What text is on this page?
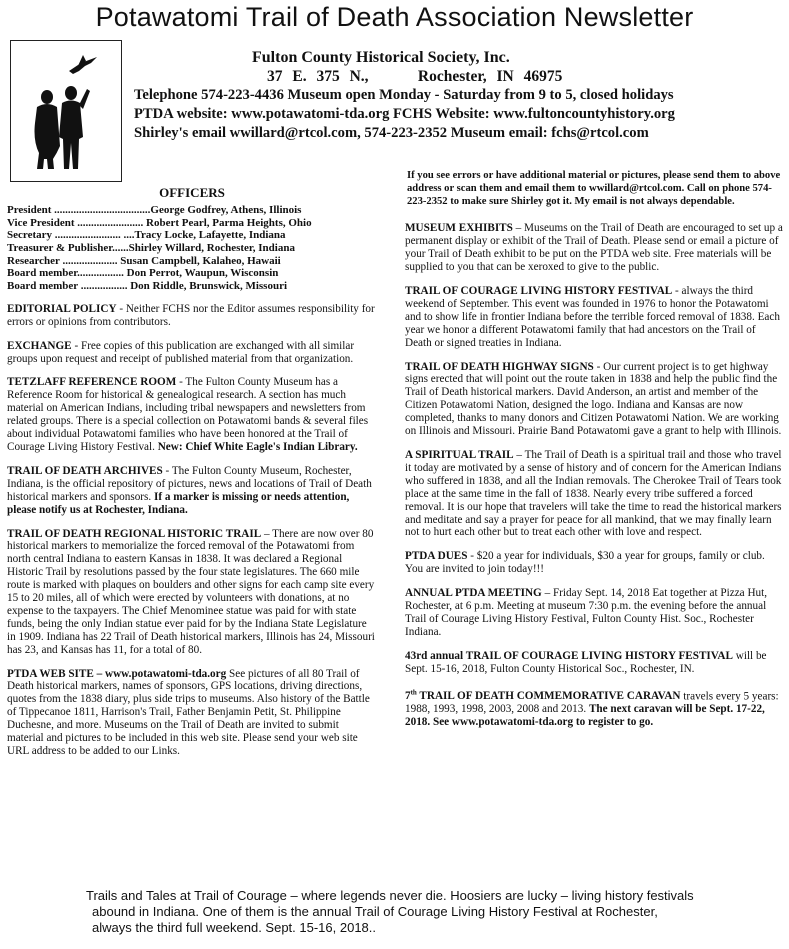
Potawatomi Trail of Death Association Newsletter
Fulton County Historical Society, Inc.
37 E. 375 N.,	Rochester, IN 46975
Telephone 574-223-4436 Museum open Monday - Saturday from 9 to 5, closed holidays
PTDA website: www.potawatomi-tda.org FCHS Website: www.fultoncountyhistory.org
Shirley's email wwillard@rtcol.com, 574-223-2352 Museum email: fchs@rtcol.com
OFFICERS
President ...................................George Godfrey, Athens, Illinois
Vice President ........................ Robert Pearl, Parma Heights, Ohio
Secretary ........................ ....Tracy Locke, Lafayette, Indiana
Treasurer & Publisher......Shirley Willard, Rochester, Indiana
Researcher .................... Susan Campbell, Kalaheo, Hawaii
Board member................. Don Perrot, Waupun, Wisconsin
Board member ................. Don Riddle, Brunswick, Missouri

EDITORIAL POLICY - Neither FCHS nor the Editor assumes responsibility for errors or opinions from contributors.

EXCHANGE - Free copies of this publication are exchanged with all similar groups upon request and receipt of published material from that organization.

TETZLAFF REFERENCE ROOM - The Fulton County Museum has a Reference Room for historical & genealogical research. A section has much material on American Indians, including tribal newspapers and newsletters from related groups. There is a special collection on Potawatomi bands & several files about individual Potawatomi families who have been honored at the Trail of Courage Living History Festival. New: Chief White Eagle's Indian Library.

TRAIL OF DEATH ARCHIVES - The Fulton County Museum, Rochester, Indiana, is the official repository of pictures, news and locations of Trail of Death historical markers and sponsors. If a marker is missing or needs attention, please notify us at Rochester, Indiana.

TRAIL OF DEATH REGIONAL HISTORIC TRAIL – There are now over 80 historical markers to memorialize the forced removal of the Potawatomi from north central Indiana to eastern Kansas in 1838. It was declared a Regional Historic Trail by resolutions passed by the four state legislatures. The 660 mile route is marked with plaques on boulders and other signs for each camp site every 15 to 20 miles, all of which were erected by volunteers with donations, at no expense to the taxpayers. The Chief Menominee statue was paid for with state funds, being the only Indian statue ever paid for by the Indiana State Legislature in 1909. Indiana has 22 Trail of Death historical markers, Illinois has 24, Missouri has 23, and Kansas has 11, for a total of 80.

PTDA WEB SITE – www.potawatomi-tda.org See pictures of all 80 Trail of Death historical markers, names of sponsors, GPS locations, driving directions, quotes from the 1838 diary, plus side trips to museums. Also history of the Battle of Tippecanoe 1811, Harrison's Trail, Father Benjamin Petit, St. Philippine Duchesne, and more. Museums on the Trail of Death are invited to submit material and pictures to be included in this web site. Please send your web site URL address to be added to our Links.

If you see errors or have additional material or pictures, please send them to above address or scan them and email them to wwillard@rtcol.com. Call on phone 574-223-2352 to make sure Shirley got it. My email is not always dependable.

MUSEUM EXHIBITS – Museums on the Trail of Death are encouraged to set up a permanent display or exhibit of the Trail of Death. Please send or email a picture of your Trail of Death exhibit to be put on the PTDA web site. Free materials will be supplied to you that can be xeroxed to give to the public.

TRAIL OF COURAGE LIVING HISTORY FESTIVAL - always the third weekend of September. This event was founded in 1976 to honor the Potawatomi and to show life in frontier Indiana before the terrible forced removal of 1838. Each year we honor a different Potawatomi family that had ancestors on the Trail of Death or signed treaties in Indiana.

TRAIL OF DEATH HIGHWAY SIGNS - Our current project is to get highway signs erected that will point out the route taken in 1838 and help the public find the Trail of Death historical markers. David Anderson, an artist and member of the Citizen Potawatomi Nation, designed the logo. Indiana and Kansas are now completed, thanks to many donors and Citizen Potawatomi Nation. We are working on Illinois and Missouri. Prairie Band Potawatomi gave a grant to help with Illinois.

A SPIRITUAL TRAIL – The Trail of Death is a spiritual trail and those who travel it today are motivated by a sense of history and of concern for the American Indians who suffered in 1838, and all the Indian removals. The Cherokee Trail of Tears took place at the same time in the fall of 1838. Nearly every tribe suffered a forced removal. It is our hope that travelers will take the time to read the historical markers and meditate and say a prayer for peace for all mankind, that we may finally learn not to hurt each other but to treat each other with love and respect.

PTDA DUES - $20 a year for individuals, $30 a year for groups, family or club. You are invited to join today!!!

ANNUAL PTDA MEETING – Friday Sept. 14, 2018 Eat together at Pizza Hut, Rochester, at 6 p.m. Meeting at museum 7:30 p.m. the evening before the annual Trail of Courage Living History Festival, Fulton County Hist. Soc., Rochester Indiana.

43rd annual TRAIL OF COURAGE LIVING HISTORY FESTIVAL will be Sept. 15-16, 2018, Fulton County Historical Soc., Rochester, IN.

7th TRAIL OF DEATH COMMEMORATIVE CARAVAN travels every 5 years: 1988, 1993, 1998, 2003, 2008 and 2013. The next caravan will be Sept. 17-22, 2018. See www.potawatomi-tda.org to register to go.

Trails and Tales at Trail of Courage – where legends never die. Hoosiers are lucky – living history festivals
abound in Indiana. One of them is the annual Trail of Courage Living History Festival at Rochester,
always the third full weekend. Sept. 15-16, 2018..
